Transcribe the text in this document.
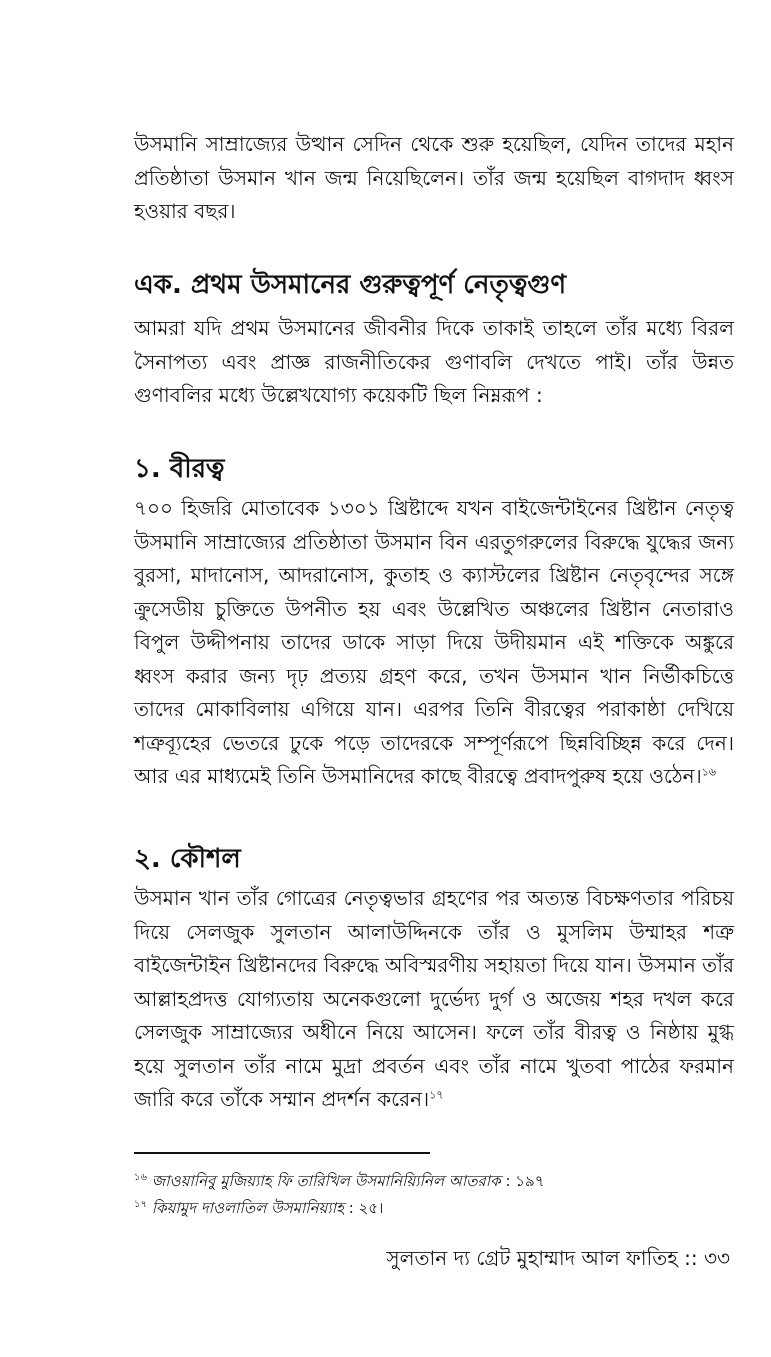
উসমানি সাম্রাজ্যের উত্থান সেদিন থেকে শুরু হয়েছিল, যেদিন তাদের মহান প্রতিষ্ঠাতা উসমান খান জন্ম নিয়েছিলেন। তাঁর জন্ম হয়েছিল বাগদাদ ধ্বংস হওয়ার বছর।

এক. প্রথম উসমানের গুরুত্বপূর্ণ নেতৃত্বগুণ

আমরা যদি প্রথম উসমানের জীবনীর দিকে তাকাই তাহলে তাঁর মধ্যে বিরল সৈনাপত্য এবং প্রাজ্ঞ রাজনীতিকের গুণাবলি দেখতে পাই। তাঁর উন্নত গুণাবলির মধ্যে উল্লেখযোগ্য কয়েকটি ছিল নিম্নরূপ :

১. বীরত্ব

৭০০ হিজরি মোতাবেক ১৩০১ খ্রিষ্টাব্দে যখন বাইজেন্টাইনের খ্রিষ্টান নেতৃত্ব উসমানি সাম্রাজ্যের প্রতিষ্ঠাতা উসমান বিন এরতুগরুলের বিরুদ্ধে যুদ্ধের জন্য বুরসা, মাদানোস, আদরানোস, কুতাহ ও ক্যাস্টলের খ্রিষ্টান নেতৃবৃন্দের সঙ্গে ক্রুসেডীয় চুক্তিতে উপনীত হয় এবং উল্লেখিত অঞ্চলের খ্রিষ্টান নেতারাও বিপুল উদ্দীপনায় তাদের ডাকে সাড়া দিয়ে উদীয়মান এই শক্তিকে অঙ্কুরে ধ্বংস করার জন্য দৃঢ় প্রত্যয় গ্রহণ করে, তখন উসমান খান নির্ভীকচিত্তে তাদের মোকাবিলায় এগিয়ে যান। এরপর তিনি বীরত্বের পরাকাষ্ঠা দেখিয়ে শত্রুব্যূহের ভেতরে ঢুকে পড়ে তাদেরকে সম্পূর্ণরূপে ছিন্নবিচ্ছিন্ন করে দেন। আর এর মাধ্যমেই তিনি উসমানিদের কাছে বীরত্বে প্রবাদপুরুষ হয়ে ওঠেন।$^{১৬}$

২. কৌশল

উসমান খান তাঁর গোত্রের নেতৃত্বভার গ্রহণের পর অত্যন্ত বিচক্ষণতার পরিচয় দিয়ে সেলজুক সুলতান আলাউদ্দিনকে তাঁর ও মুসলিম উম্মাহর শত্রু বাইজেন্টাইন খ্রিষ্টানদের বিরুদ্ধে অবিস্মরণীয় সহায়তা দিয়ে যান। উসমান তাঁর আল্লাহপ্রদত্ত যোগ্যতায় অনেকগুলো দুর্ভেদ্য দুর্গ ও অজেয় শহর দখল করে সেলজুক সাম্রাজ্যের অধীনে নিয়ে আসেন। ফলে তাঁর বীরত্ব ও নিষ্ঠায় মুগ্ধ হয়ে সুলতান তাঁর নামে মুদ্রা প্রবর্তন এবং তাঁর নামে খুতবা পাঠের ফরমান জারি করে তাঁকে সম্মান প্রদর্শন করেন।$^{১৭}$

$^{১৬}$ জাওয়ানিবু মুজিয়্যাহ ফি তারিখিল উসমানিয়্যিনিল আতরাক : ১৯৭
$^{১৭}$ কিয়ামুদ দাওলাতিল উসমানিয়্যাহ : ২৫।
সুলতান দ্য গ্রেট মুহাম্মাদ আল ফাতিহ :: ৩৩
